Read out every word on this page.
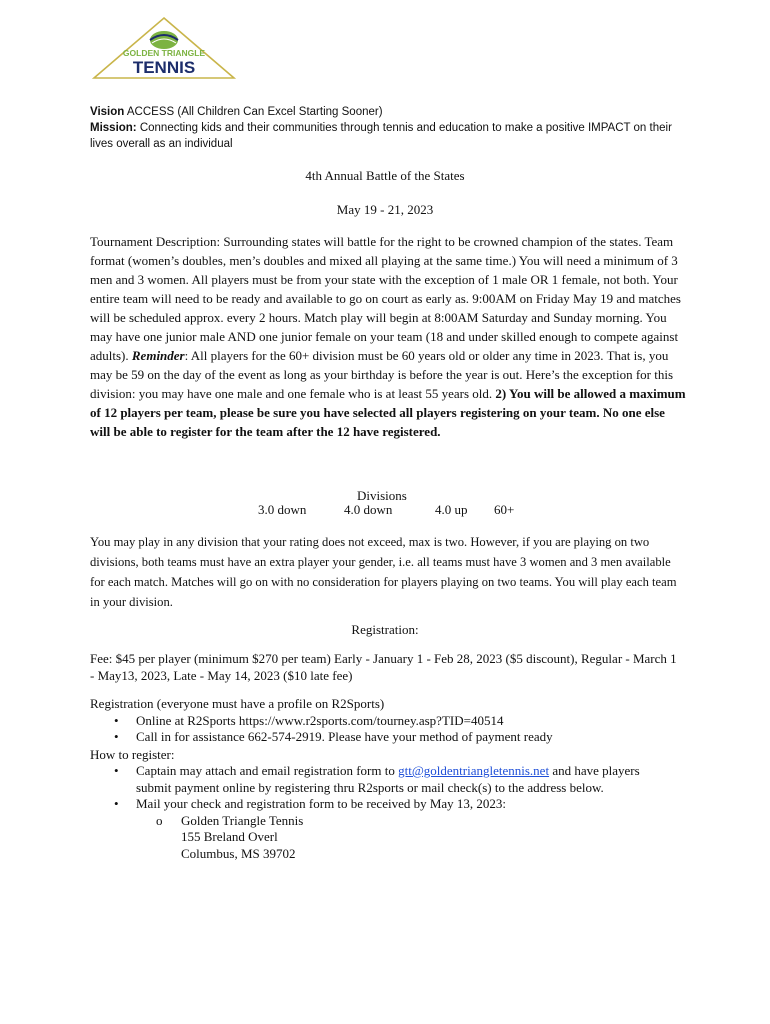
GOLDEN TRIANGLE
TENNIS
Vision ACCESS (All Children Can Excel Starting Sooner)
Mission: Connecting kids and their communities through tennis and education to make a positive IMPACT on their lives overall as an individual
4th Annual Battle of the States
May 19 - 21, 2023
Tournament Description: Surrounding states will battle for the right to be crowned champion of the states. Team format (women’s doubles, men’s doubles and mixed all playing at the same time.) You will need a minimum of 3 men and 3 women. All players must be from your state with the exception of 1 male OR 1 female, not both. Your entire team will need to be ready and available to go on court as early as. 9:00AM on Friday May 19 and matches will be scheduled approx. every 2 hours. Match play will begin at 8:00AM Saturday and Sunday morning. You may have one junior male AND one junior female on your team (18 and under skilled enough to compete against adults). Reminder: All players for the 60+ division must be 60 years old or older any time in 2023. That is, you may be 59 on the day of the event as long as your birthday is before the year is out. Here’s the exception for this division: you may have one male and one female who is at least 55 years old. 2) You will be allowed a maximum of 12 players per team, please be sure you have selected all players registering on your team. No one else will be able to register for the team after the 12 have registered.
Divisions
3.0 down	4.0 down	4.0 up 60+
You may play in any division that your rating does not exceed, max is two. However, if you are playing on two divisions, both teams must have an extra player your gender, i.e. all teams must have 3 women and 3 men available for each match. Matches will go on with no consideration for players playing on two teams. You will play each team in your division.
Registration:
Fee: $45 per player (minimum $270 per team) Early - January 1 - Feb 28, 2023 ($5 discount), Regular - March 1 - May13, 2023, Late - May 14, 2023 ($10 late fee)
Registration (everyone must have a profile on R2Sports)
• Online at R2Sports https://www.r2sports.com/tourney.asp?TID=40514
• Call in for assistance 662-574-2919. Please have your method of payment ready
How to register:
• Captain may attach and email registration form to gtt@goldentriangletennis.net and have players submit payment online by registering thru R2sports or mail check(s) to the address below.
• Mail your check and registration form to be received by May 13, 2023:
o Golden Triangle Tennis
155 Breland Overl
Columbus, MS 39702
